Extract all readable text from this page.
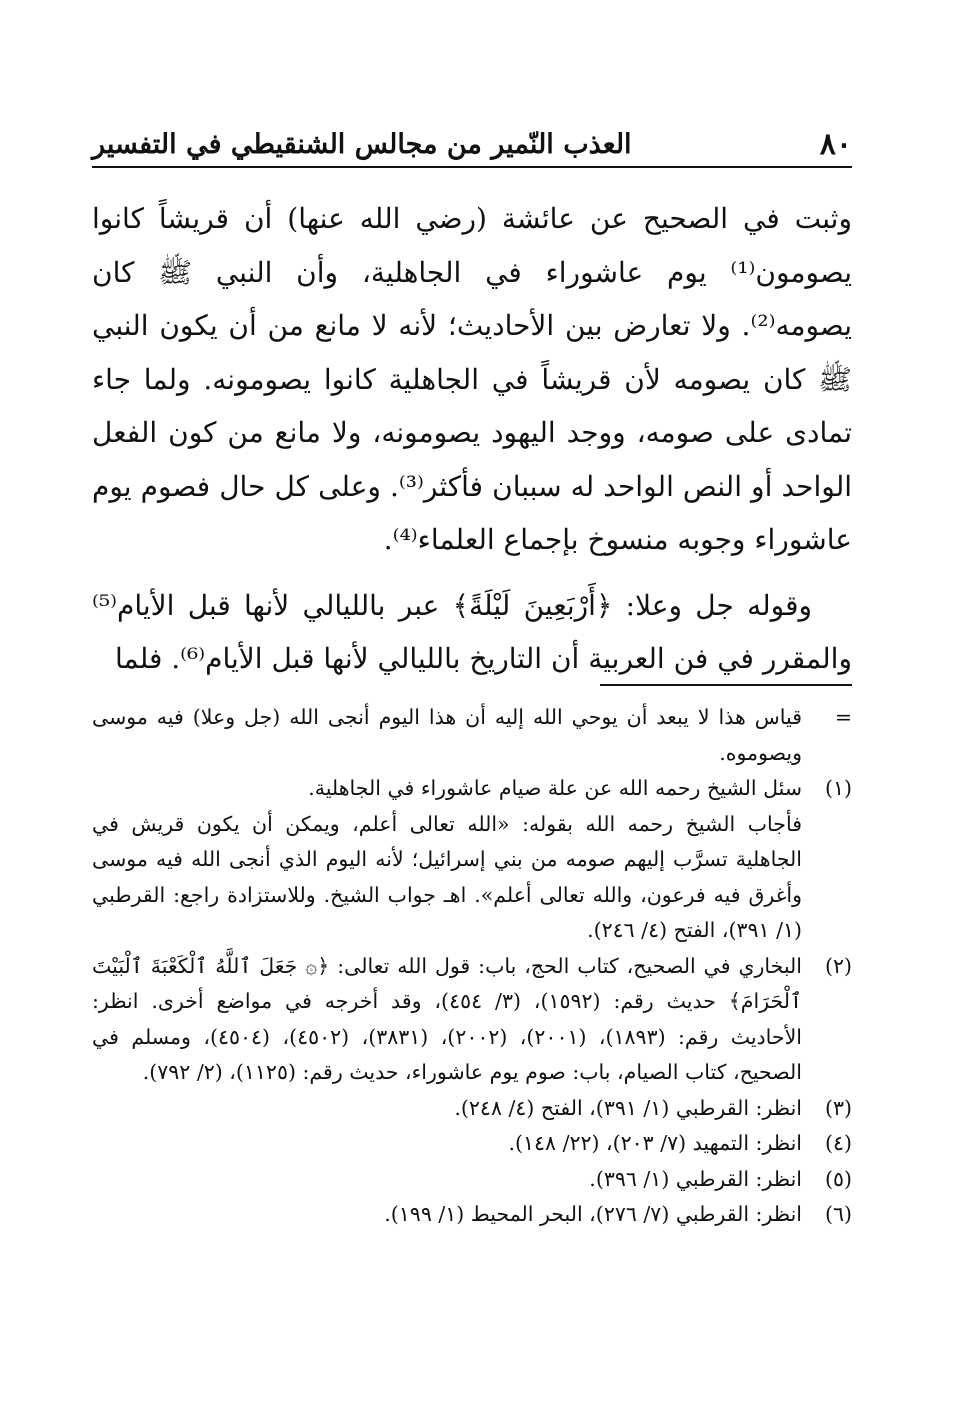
٨٠
العذب النّمير من مجالس الشنقيطي في التفسير

وثبت في الصحيح عن عائشة (رضي الله عنها) أن قريشاً كانوا يصومون⁽¹⁾ يوم عاشوراء في الجاهلية، وأن النبي ﷺ كان يصومه⁽²⁾. ولا تعارض بين الأحاديث؛ لأنه لا مانع من أن يكون النبي ﷺ كان يصومه لأن قريشاً في الجاهلية كانوا يصومونه. ولما جاء تمادى على صومه، ووجد اليهود يصومونه، ولا مانع من كون الفعل الواحد أو النص الواحد له سببان فأكثر⁽³⁾. وعلى كل حال فصوم يوم عاشوراء وجوبه منسوخ بإجماع العلماء⁽⁴⁾.

وقوله جل وعلا: ﴿أَرْبَعِينَ لَيْلَةً﴾ عبر بالليالي لأنها قبل الأيام⁽⁵⁾ والمقرر في فن العربية أن التاريخ بالليالي لأنها قبل الأيام⁽⁶⁾. فلما

=
قياس هذا لا يبعد أن يوحي الله إليه أن هذا اليوم أنجى الله (جل وعلا) فيه موسى ويصوموه.
(١)
سئل الشيخ رحمه الله عن علة صيام عاشوراء في الجاهلية.
فأجاب الشيخ رحمه الله بقوله: «الله تعالى أعلم، ويمكن أن يكون قريش في الجاهلية تسرَّب إليهم صومه من بني إسرائيل؛ لأنه اليوم الذي أنجى الله فيه موسى وأغرق فيه فرعون، والله تعالى أعلم». اهـ جواب الشيخ. وللاستزادة راجع: القرطبي (١/ ٣٩١)، الفتح (٤/ ٢٤٦).
(٢)
البخاري في الصحيح، كتاب الحج، باب: قول الله تعالى: ﴿۞ جَعَلَ ٱللَّهُ ٱلْكَعْبَةَ ٱلْبَيْتَ ٱلْحَرَامَ﴾ حديث رقم: (١٥٩٢)، (٣/ ٤٥٤)، وقد أخرجه في مواضع أخرى. انظر: الأحاديث رقم: (١٨٩٣)، (٢٠٠١)، (٢٠٠٢)، (٣٨٣١)، (٤٥٠٢)، (٤٥٠٤)، ومسلم في الصحيح، كتاب الصيام، باب: صوم يوم عاشوراء، حديث رقم: (١١٢٥)، (٢/ ٧٩٢).
(٣)
انظر: القرطبي (١/ ٣٩١)، الفتح (٤/ ٢٤٨).
(٤)
انظر: التمهيد (٧/ ٢٠٣)، (٢٢/ ١٤٨).
(٥)
انظر: القرطبي (١/ ٣٩٦).
(٦)
انظر: القرطبي (٧/ ٢٧٦)، البحر المحيط (١/ ١٩٩).
